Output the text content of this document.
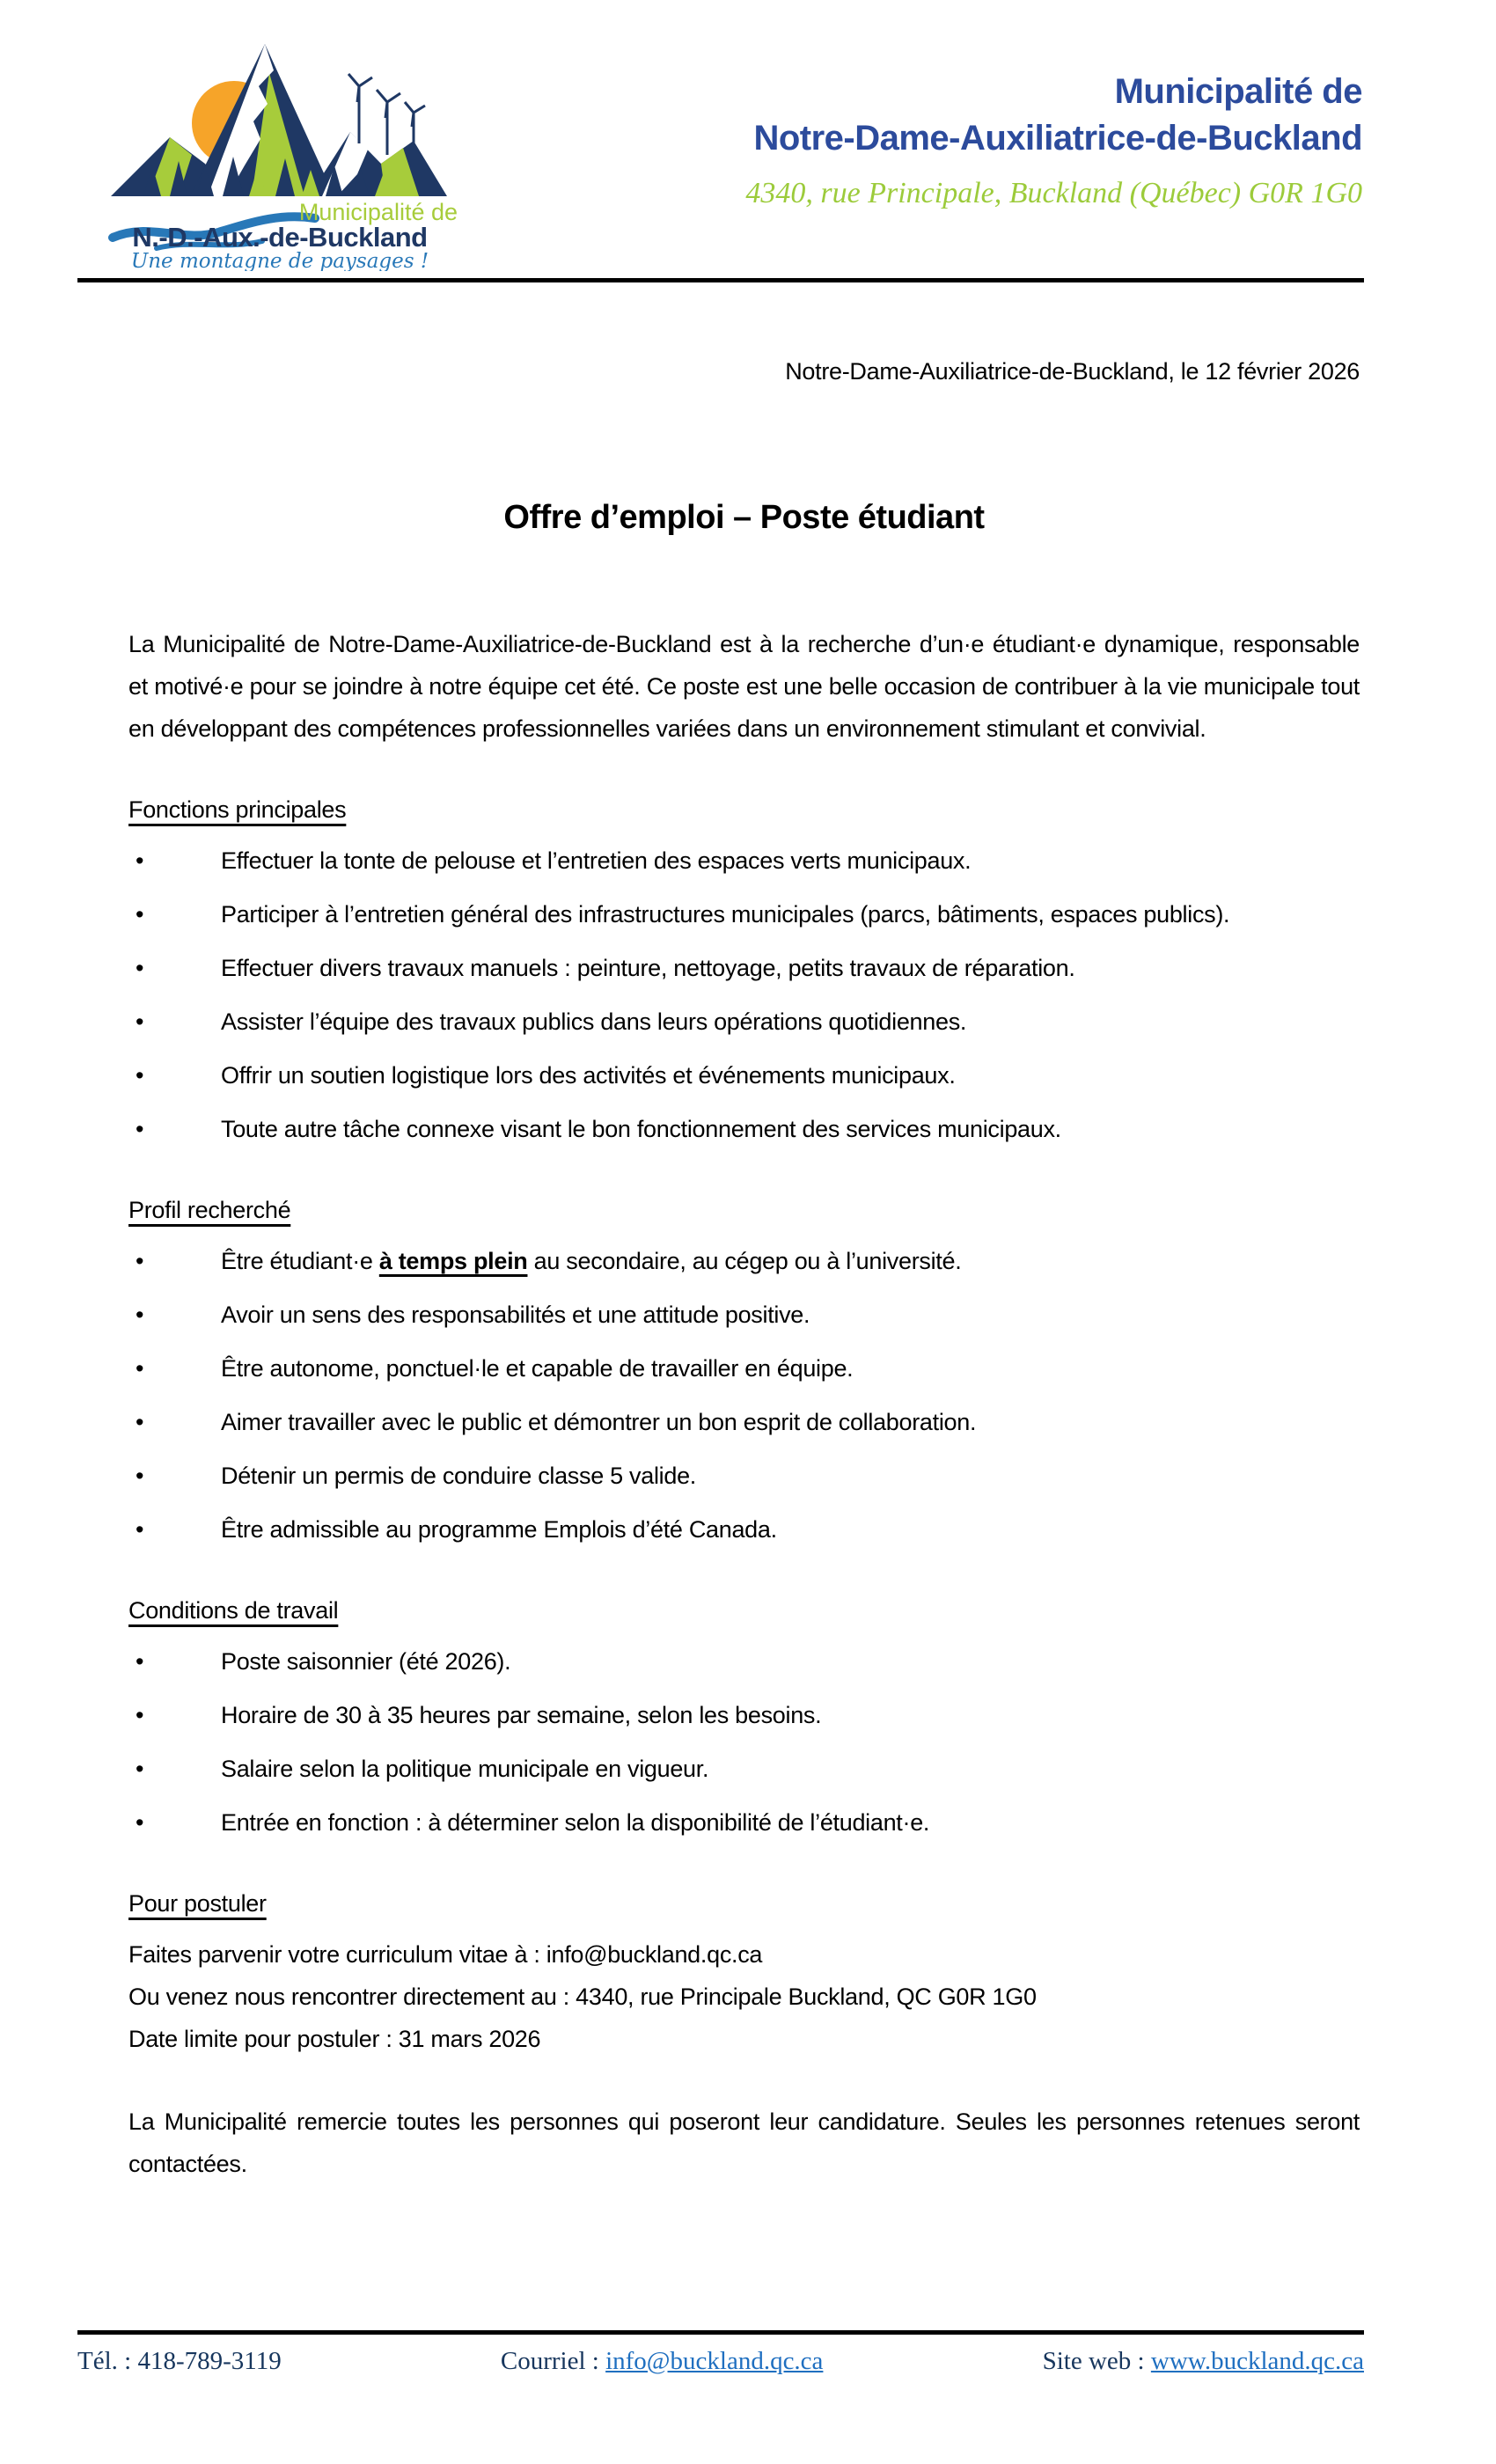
Municipalité de
N.-D.-Aux.-de-Buckland
Une montagne de paysages !
Municipalité de
Notre-Dame-Auxiliatrice-de-Buckland
4340, rue Principale, Buckland (Québec) G0R 1G0
Notre-Dame-Auxiliatrice-de-Buckland, le 12 février 2026
Offre d’emploi – Poste étudiant

La Municipalité de Notre-Dame-Auxiliatrice-de-Buckland est à la recherche d’un·e étudiant·e dynamique, responsable et motivé·e pour se joindre à notre équipe cet été. Ce poste est une belle occasion de contribuer à la vie municipale tout en développant des compétences professionnelles variées dans un environnement stimulant et convivial.

Fonctions principales
•	Effectuer la tonte de pelouse et l’entretien des espaces verts municipaux.
•	Participer à l’entretien général des infrastructures municipales (parcs, bâtiments, espaces publics).
•	Effectuer divers travaux manuels : peinture, nettoyage, petits travaux de réparation.
•	Assister l’équipe des travaux publics dans leurs opérations quotidiennes.
•	Offrir un soutien logistique lors des activités et événements municipaux.
•	Toute autre tâche connexe visant le bon fonctionnement des services municipaux.
Profil recherché
•	Être étudiant·e à temps plein au secondaire, au cégep ou à l’université.
•	Avoir un sens des responsabilités et une attitude positive.
•	Être autonome, ponctuel·le et capable de travailler en équipe.
•	Aimer travailler avec le public et démontrer un bon esprit de collaboration.
•	Détenir un permis de conduire classe 5 valide.
•	Être admissible au programme Emplois d’été Canada.
Conditions de travail
•	Poste saisonnier (été 2026).
•	Horaire de 30 à 35 heures par semaine, selon les besoins.
•	Salaire selon la politique municipale en vigueur.
•	Entrée en fonction : à déterminer selon la disponibilité de l’étudiant·e.
Pour postuler

Faites parvenir votre curriculum vitae à : info@buckland.qc.ca

Ou venez nous rencontrer directement au : 4340, rue Principale Buckland, QC G0R 1G0

Date limite pour postuler : 31 mars 2026

La Municipalité remercie toutes les personnes qui poseront leur candidature. Seules les personnes retenues seront contactées.

Tél. : 418-789-3119	Courriel : info@buckland.qc.ca	Site web : www.buckland.qc.ca
